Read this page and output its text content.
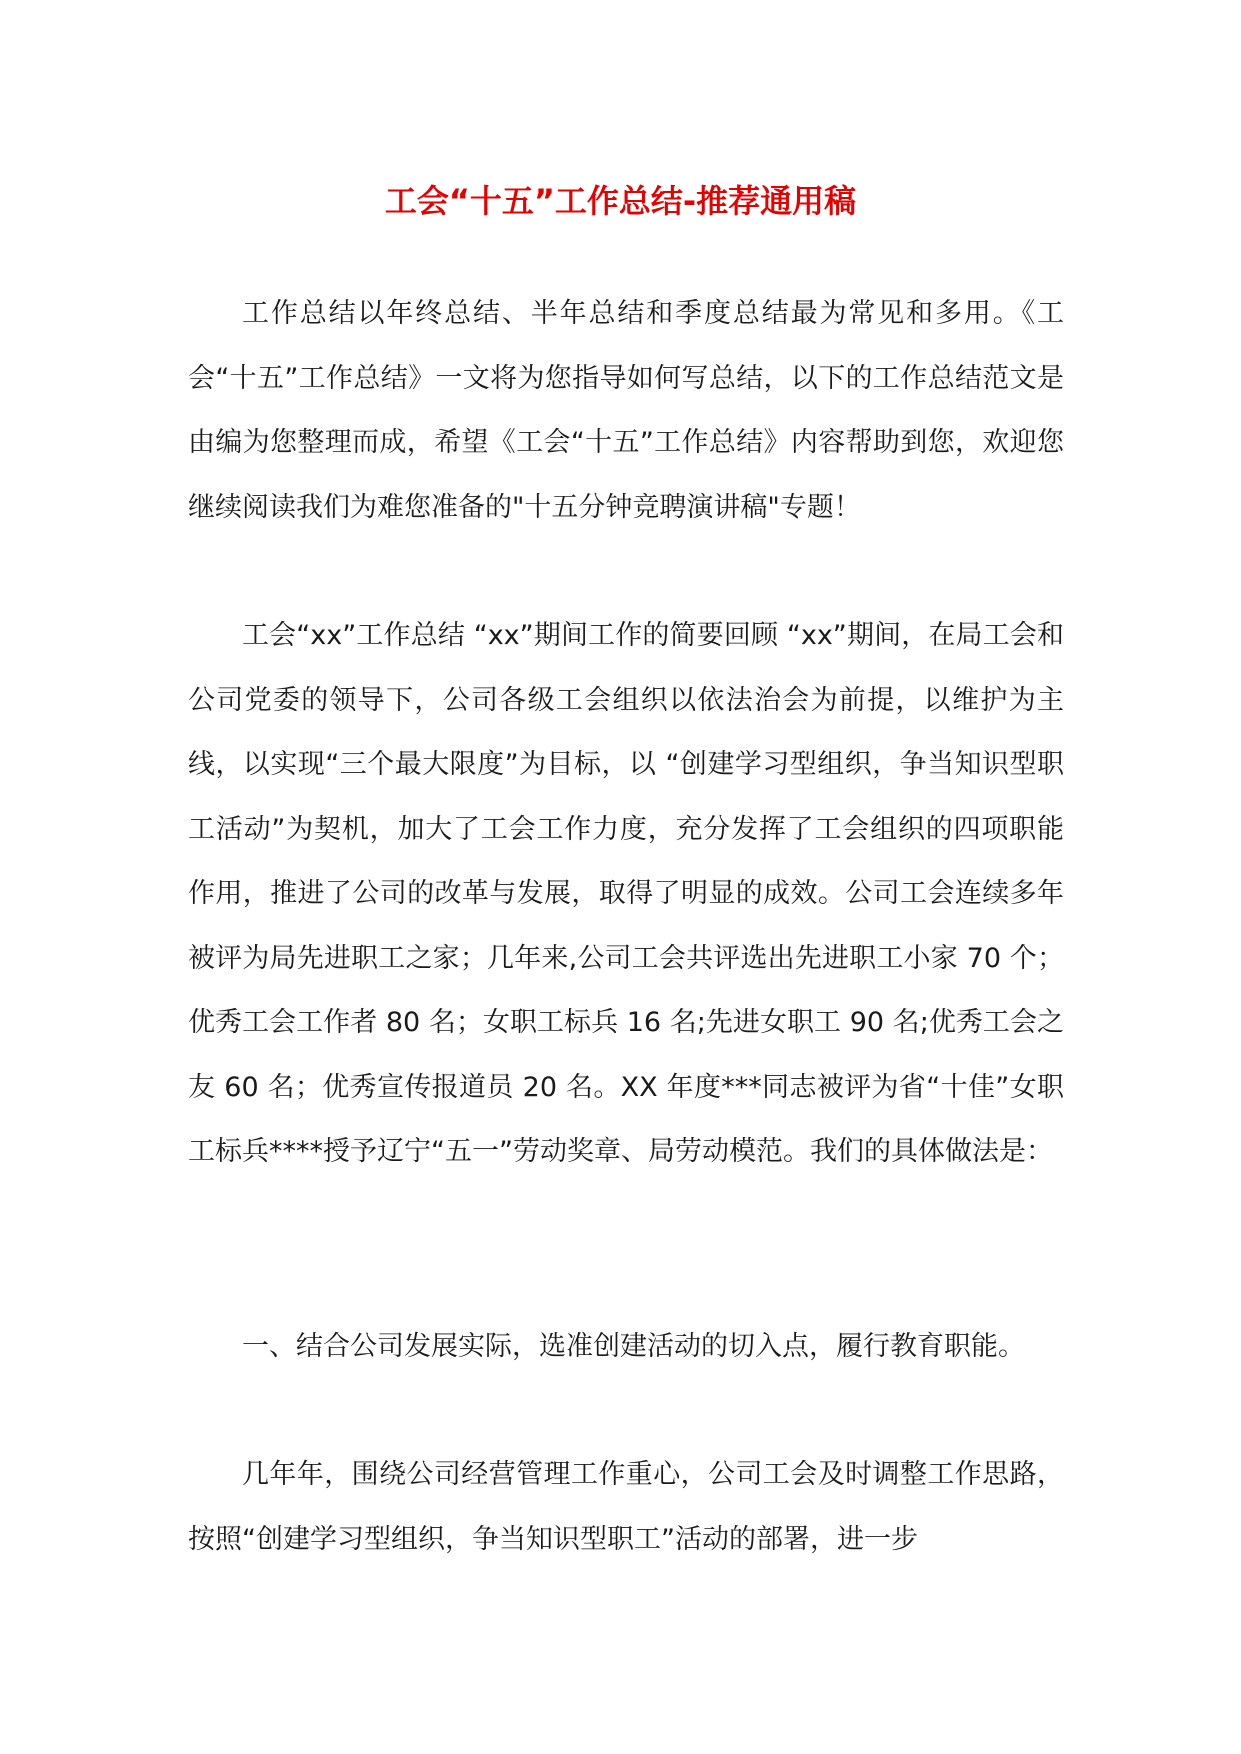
工会“十五”工作总结-推荐通用稿

工作总结以年终总结、半年总结和季度总结最为常见和多用。《工会“十五”工作总结》一文将为您指导如何写总结，以下的工作总结范文是由编为您整理而成，希望《工会“十五”工作总结》内容帮助到您，欢迎您继续阅读我们为难您准备的"十五分钟竞聘演讲稿"专题！

工会“xx”工作总结 “xx”期间工作的简要回顾 “xx”期间，在局工会和公司党委的领导下，公司各级工会组织以依法治会为前提，以维护为主线，以实现“三个最大限度”为目标，以 “创建学习型组织，争当知识型职工活动”为契机，加大了工会工作力度，充分发挥了工会组织的四项职能作用，推进了公司的改革与发展，取得了明显的成效。公司工会连续多年被评为局先进职工之家；几年来,公司工会共评选出先进职工小家 70 个；优秀工会工作者 80 名；女职工标兵 16 名;先进女职工 90 名;优秀工会之友 60 名；优秀宣传报道员 20 名。XX 年度***同志被评为省“十佳”女职工标兵****授予辽宁“五一”劳动奖章、局劳动模范。我们的具体做法是：

一、结合公司发展实际，选准创建活动的切入点，履行教育职能。

几年年，围绕公司经营管理工作重心，公司工会及时调整工作思路，按照“创建学习型组织，争当知识型职工”活动的部署，进一步
